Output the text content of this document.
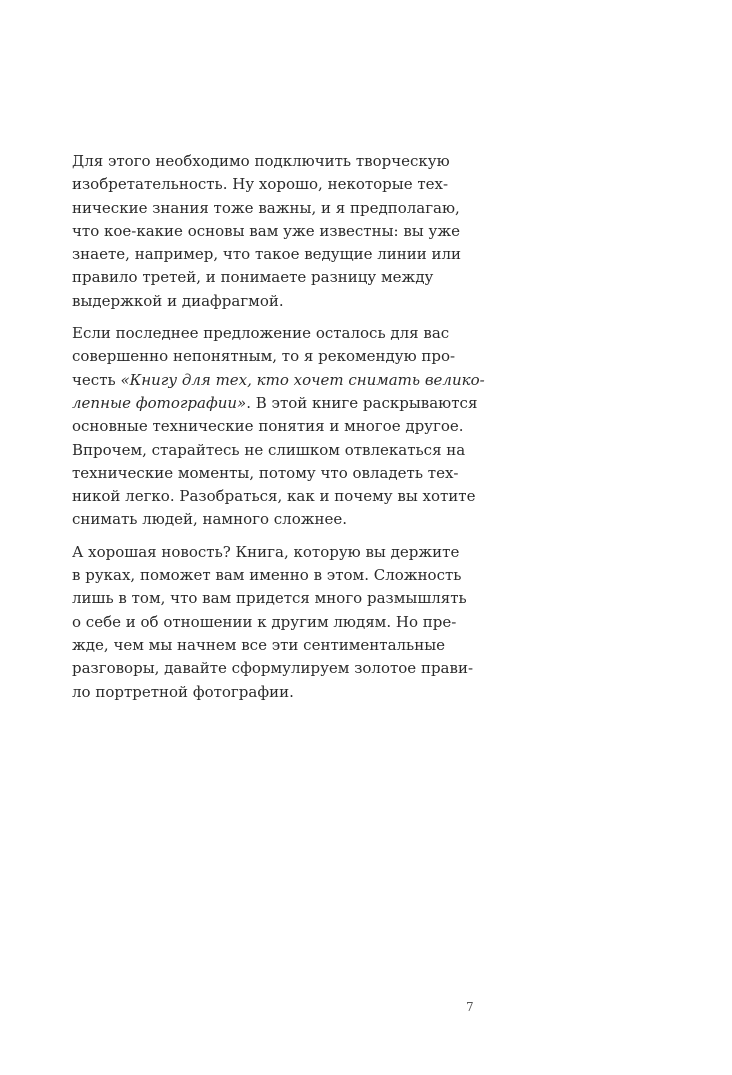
Для этого необходимо подключить творческую
изобретательность. Ну хорошо, некоторые тех-
нические знания тоже важны, и я предполагаю,
что кое-какие основы вам уже известны: вы уже
знаете, например, что такое ведущие линии или
правило третей, и понимаете разницу между
выдержкой и диафрагмой.
Если последнее предложение осталось для вас
совершенно непонятным, то я рекомендую про-
честь «Книгу для тех, кто хочет снимать велико-
лепные фотографии». В этой книге раскрываются
основные технические понятия и многое другое.
Впрочем, старайтесь не слишком отвлекаться на
технические моменты, потому что овладеть тех-
никой легко. Разобраться, как и почему вы хотите
снимать людей, намного сложнее.
А хорошая новость? Книга, которую вы держите
в руках, поможет вам именно в этом. Сложность
лишь в том, что вам придется много размышлять
о себе и об отношении к другим людям. Но пре-
жде, чем мы начнем все эти сентиментальные
разговоры, давайте сформулируем золотое прави-
ло портретной фотографии.
7
